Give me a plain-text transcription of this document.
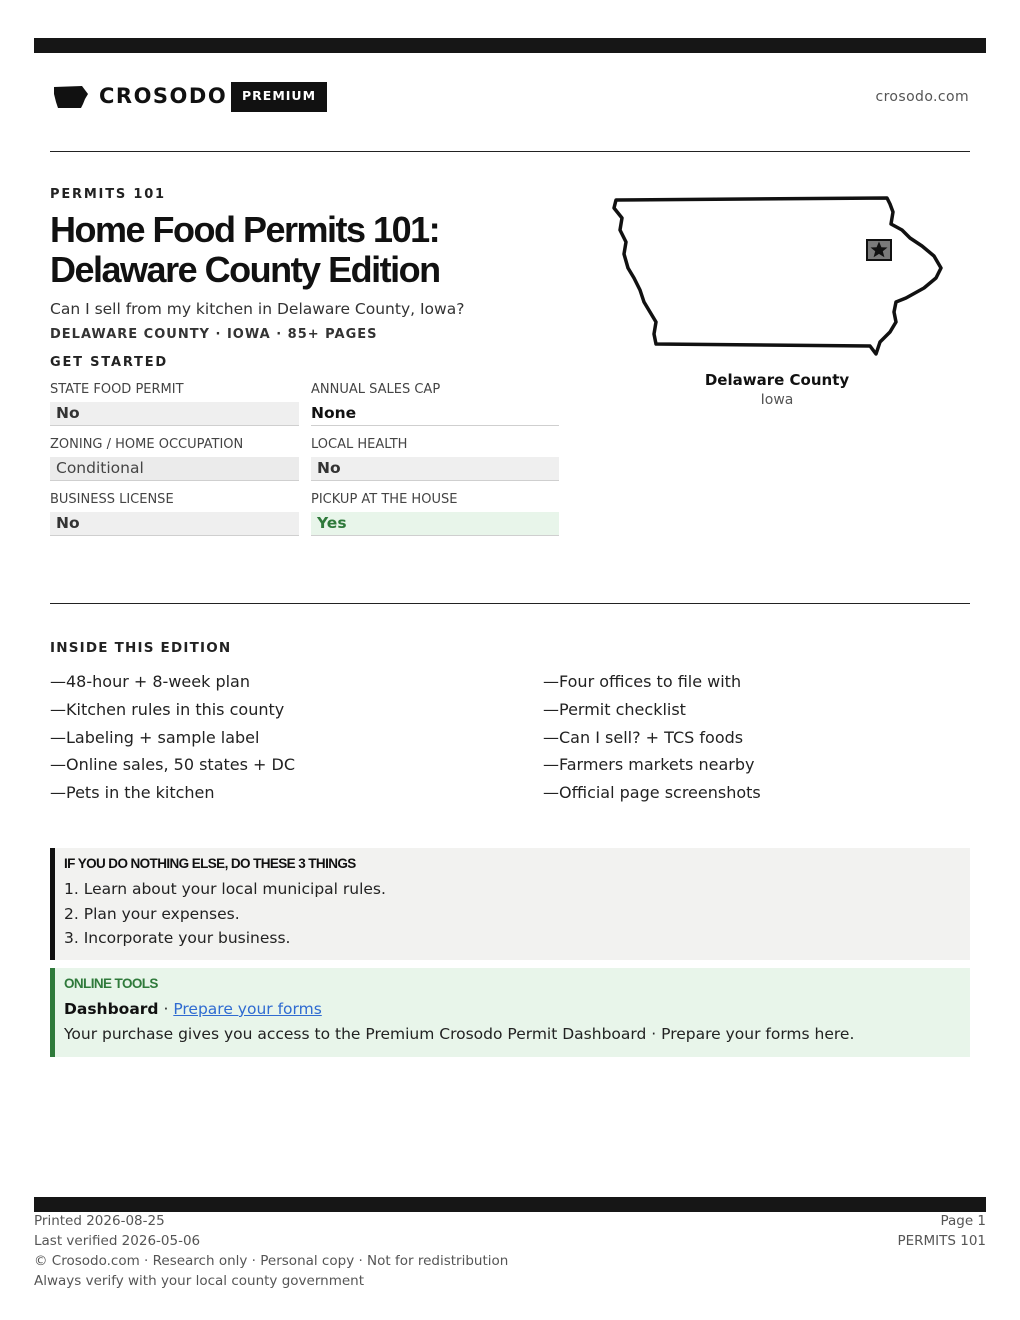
CROSODO	PREMIUM	crosodo.com
PERMITS 101
Home Food Permits 101:
Delaware County Edition
Can I sell from my kitchen in Delaware County, Iowa?
DELAWARE COUNTY · IOWA · 85+ PAGES
GET STARTED
STATE FOOD PERMIT
No
ANNUAL SALES CAP
None
ZONING / HOME OCCUPATION
Conditional
LOCAL HEALTH
No
BUSINESS LICENSE
No
PICKUP AT THE HOUSE
Yes
Delaware County
Iowa
INSIDE THIS EDITION
—48-hour + 8-week plan
—Kitchen rules in this county
—Labeling + sample label
—Online sales, 50 states + DC
—Pets in the kitchen
—Four offices to file with
—Permit checklist
—Can I sell? + TCS foods
—Farmers markets nearby
—Official page screenshots
IF YOU DO NOTHING ELSE, DO THESE 3 THINGS
1. Learn about your local municipal rules.
2. Plan your expenses.
3. Incorporate your business.
ONLINE TOOLS
Dashboard · Prepare your forms
Your purchase gives you access to the Premium Crosodo Permit Dashboard · Prepare your forms here.
Printed 2026-08-25
Last verified 2026-05-06
© Crosodo.com · Research only · Personal copy · Not for redistribution
Always verify with your local county government
Page 1
PERMITS 101
